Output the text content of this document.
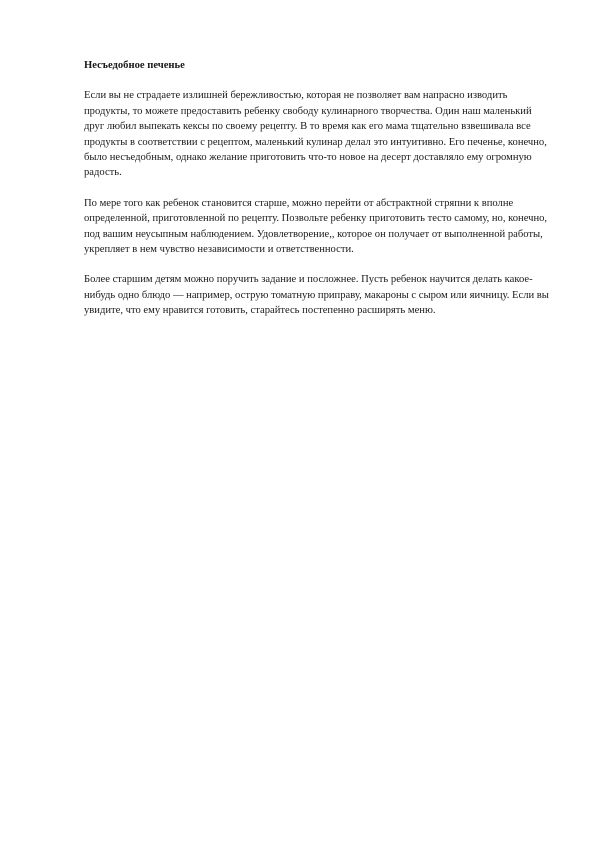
Несъедобное печенье

Если вы не страдаете излишней бережливостью, которая не позволяет вам напрасно изводить продукты, то можете предоставить ребенку свободу кулинарного творчества. Один наш маленький друг любил выпекать кексы по своему рецепту. В то время как его мама тщательно взвешивала все продукты в соответствии с рецептом, маленький кулинар делал это интуитивно. Его печенье, конечно, было несъедобным, однако желание приготовить что-то новое на десерт доставляло ему огромную радость.

По мере того как ребенок становится старше, можно перейти от абстрактной стряпни к вполне определенной, приготовленной по рецепту. Позвольте ребенку приготовить тесто самому, но, конечно, под вашим неусыпным наблюдением. Удовлетворение,, которое он получает от выполненной работы, укрепляет в нем чувство независимости и ответственности.

Более старшим детям можно поручить задание и посложнее. Пусть ребенок научится делать какое-нибудь одно блюдо — например, острую томатную приправу, макароны с сыром или яичницу. Если вы увидите, что ему нравится готовить, старайтесь постепенно расширять меню.
